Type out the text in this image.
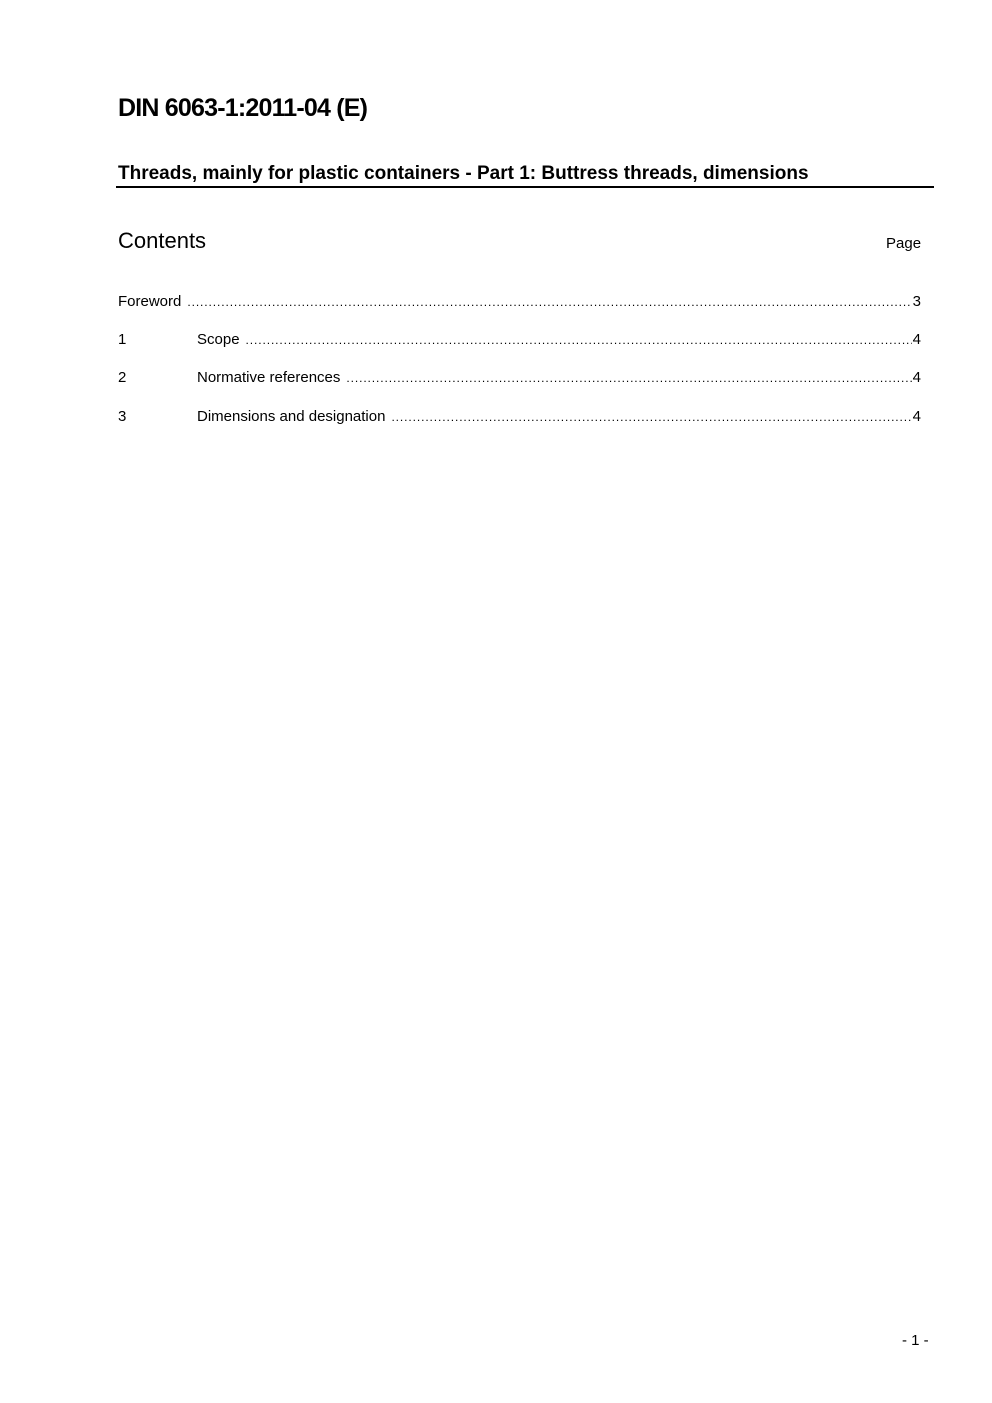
DIN 6063-1:2011-04 (E)
Threads, mainly for plastic containers - Part 1: Buttress threads, dimensions
Contents	Page
Foreword .....	3
1	Scope .....	4
2	Normative references .....	4
3	Dimensions and designation .....	4
- 1 -
